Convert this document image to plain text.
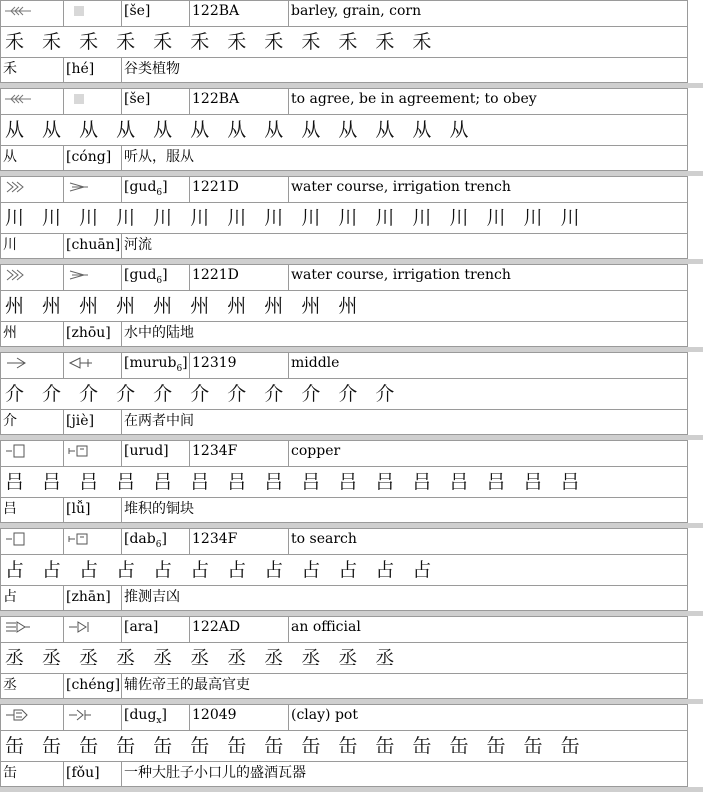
		[še]	122BA	barley, grain, corn
⽲ ⽲ ⽲ ⽲ ⽲ ⽲ ⽲ ⽲ ⽲ ⽲ ⽲ ⽲				
禾	[hé]	谷类植物		
		[še]	122BA	to agree, be in agreement; to obey
从 从 从 从 从 从 从 从 从 从 从 从 从				
从	[cóng]	听从，服从		
		[gud$_6$]	1221D	water course, irrigation trench
川 川 川 川 川 川 川 川 川 川 川 川 川 川 川 川				
川	[chuān]	河流		
		[gud$_6$]	1221D	water course, irrigation trench
州 州 州 州 州 州 州 州 州 州				
州	[zhōu]	水中的陆地		
		[murub$_6$]	12319	middle
介 介 介 介 介 介 介 介 介 介 介				
介	[jiè]	在两者中间		
		[urud]	1234F	copper
吕 吕 吕 吕 吕 吕 吕 吕 吕 吕 吕 吕 吕 吕 吕 吕				
吕	[lǚ]	堆积的铜块		
		[dab$_6$]	1234F	to search
占 占 占 占 占 占 占 占 占 占 占 占				
占	[zhān]	推测吉凶		
		[ara]	122AD	an official
丞 丞 丞 丞 丞 丞 丞 丞 丞 丞 丞				
丞	[chéng]	辅佐帝王的最高官吏		
		[dug$_x$]	12049	(clay) pot
缶 缶 缶 缶 缶 缶 缶 缶 缶 缶 缶 缶 缶 缶 缶 缶				
缶	[fǒu]	一种大肚子小口儿的盛酒瓦器		
